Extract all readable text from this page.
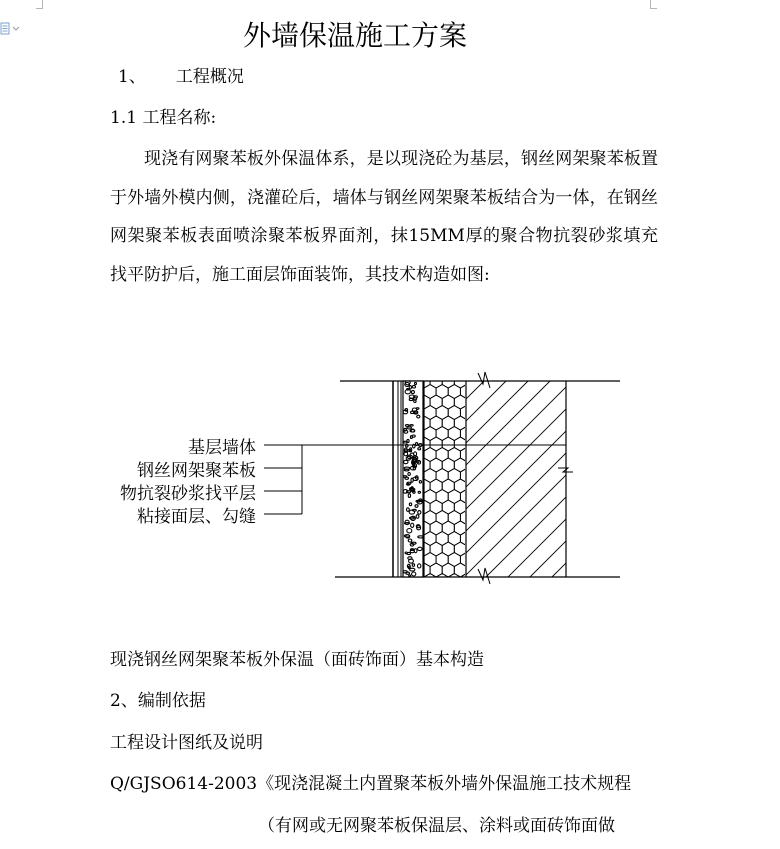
外墙保温施工方案
1、 工程概况
1.1 工程名称:

现浇有网聚苯板外保温体系，是以现浇砼为基层，钢丝网架聚苯板置于外墙外模内侧，浇灌砼后，墙体与钢丝网架聚苯板结合为一体，在钢丝网架聚苯板表面喷涂聚苯板界面剂，抹15MM厚的聚合物抗裂砂浆填充找平防护后，施工面层饰面装饰，其技术构造如图:

基层墙体
钢丝网架聚苯板
物抗裂砂浆找平层
粘接面层、勾缝
现浇钢丝网架聚苯板外保温（面砖饰面）基本构造
2、编制依据
工程设计图纸及说明
Q/GJSO614-2003《现浇混凝土内置聚苯板外墙外保温施工技术规程
（有网或无网聚苯板保温层、涂料或面砖饰面做
